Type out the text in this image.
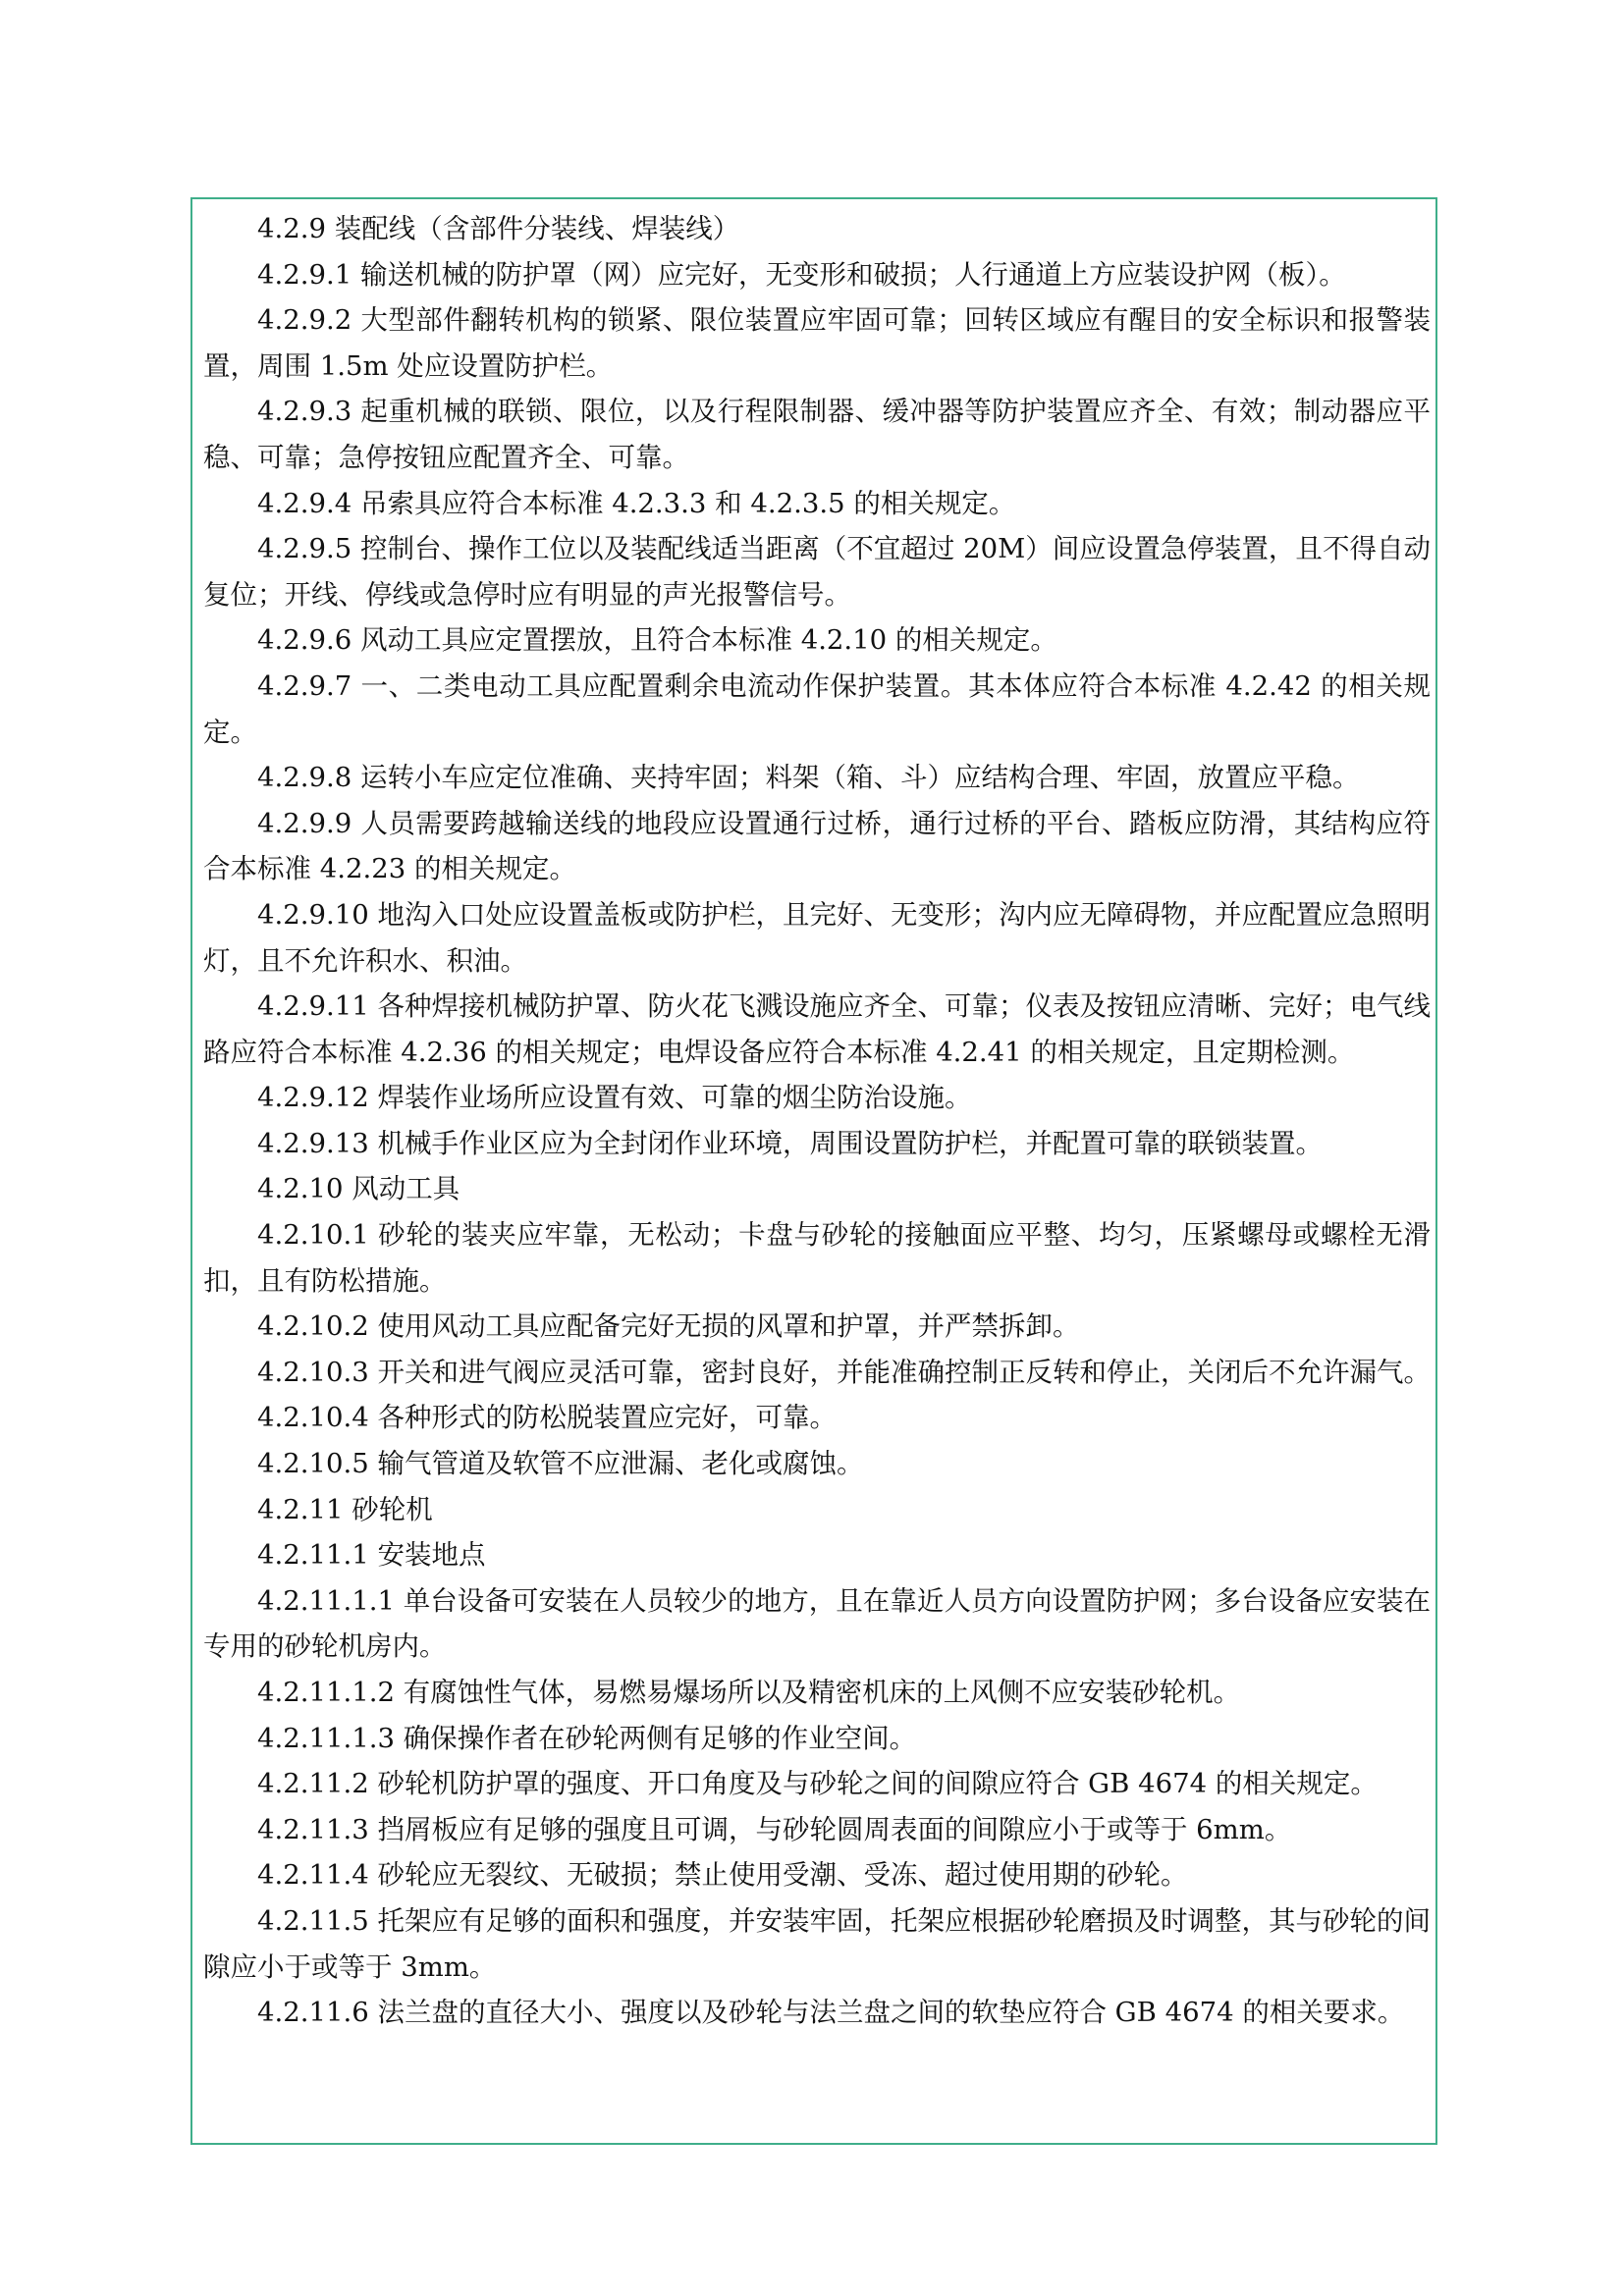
4.2.9 装配线（含部件分装线、焊装线）

4.2.9.1 输送机械的防护罩（网）应完好，无变形和破损；人行通道上方应装设护网（板）。

4.2.9.2 大型部件翻转机构的锁紧、限位装置应牢固可靠；回转区域应有醒目的安全标识和报警装置，周围 1.5m 处应设置防护栏。

4.2.9.3 起重机械的联锁、限位，以及行程限制器、缓冲器等防护装置应齐全、有效；制动器应平稳、可靠；急停按钮应配置齐全、可靠。

4.2.9.4 吊索具应符合本标准 4.2.3.3 和 4.2.3.5 的相关规定。

4.2.9.5 控制台、操作工位以及装配线适当距离（不宜超过 20M）间应设置急停装置，且不得自动复位；开线、停线或急停时应有明显的声光报警信号。

4.2.9.6 风动工具应定置摆放，且符合本标准 4.2.10 的相关规定。

4.2.9.7 一、二类电动工具应配置剩余电流动作保护装置。其本体应符合本标准 4.2.42 的相关规定。

4.2.9.8 运转小车应定位准确、夹持牢固；料架（箱、斗）应结构合理、牢固，放置应平稳。

4.2.9.9 人员需要跨越输送线的地段应设置通行过桥，通行过桥的平台、踏板应防滑，其结构应符合本标准 4.2.23 的相关规定。

4.2.9.10 地沟入口处应设置盖板或防护栏，且完好、无变形；沟内应无障碍物，并应配置应急照明灯，且不允许积水、积油。

4.2.9.11 各种焊接机械防护罩、防火花飞溅设施应齐全、可靠；仪表及按钮应清晰、完好；电气线路应符合本标准 4.2.36 的相关规定；电焊设备应符合本标准 4.2.41 的相关规定，且定期检测。

4.2.9.12 焊装作业场所应设置有效、可靠的烟尘防治设施。

4.2.9.13 机械手作业区应为全封闭作业环境，周围设置防护栏，并配置可靠的联锁装置。

4.2.10 风动工具

4.2.10.1 砂轮的装夹应牢靠，无松动；卡盘与砂轮的接触面应平整、均匀，压紧螺母或螺栓无滑扣，且有防松措施。

4.2.10.2 使用风动工具应配备完好无损的风罩和护罩，并严禁拆卸。

4.2.10.3 开关和进气阀应灵活可靠，密封良好，并能准确控制正反转和停止，关闭后不允许漏气。

4.2.10.4 各种形式的防松脱装置应完好，可靠。

4.2.10.5 输气管道及软管不应泄漏、老化或腐蚀。

4.2.11 砂轮机

4.2.11.1 安装地点

4.2.11.1.1 单台设备可安装在人员较少的地方，且在靠近人员方向设置防护网；多台设备应安装在专用的砂轮机房内。

4.2.11.1.2 有腐蚀性气体，易燃易爆场所以及精密机床的上风侧不应安装砂轮机。

4.2.11.1.3 确保操作者在砂轮两侧有足够的作业空间。

4.2.11.2 砂轮机防护罩的强度、开口角度及与砂轮之间的间隙应符合 GB 4674 的相关规定。

4.2.11.3 挡屑板应有足够的强度且可调，与砂轮圆周表面的间隙应小于或等于 6mm。

4.2.11.4 砂轮应无裂纹、无破损；禁止使用受潮、受冻、超过使用期的砂轮。

4.2.11.5 托架应有足够的面积和强度，并安装牢固，托架应根据砂轮磨损及时调整，其与砂轮的间隙应小于或等于 3mm。

4.2.11.6 法兰盘的直径大小、强度以及砂轮与法兰盘之间的软垫应符合 GB 4674 的相关要求。
